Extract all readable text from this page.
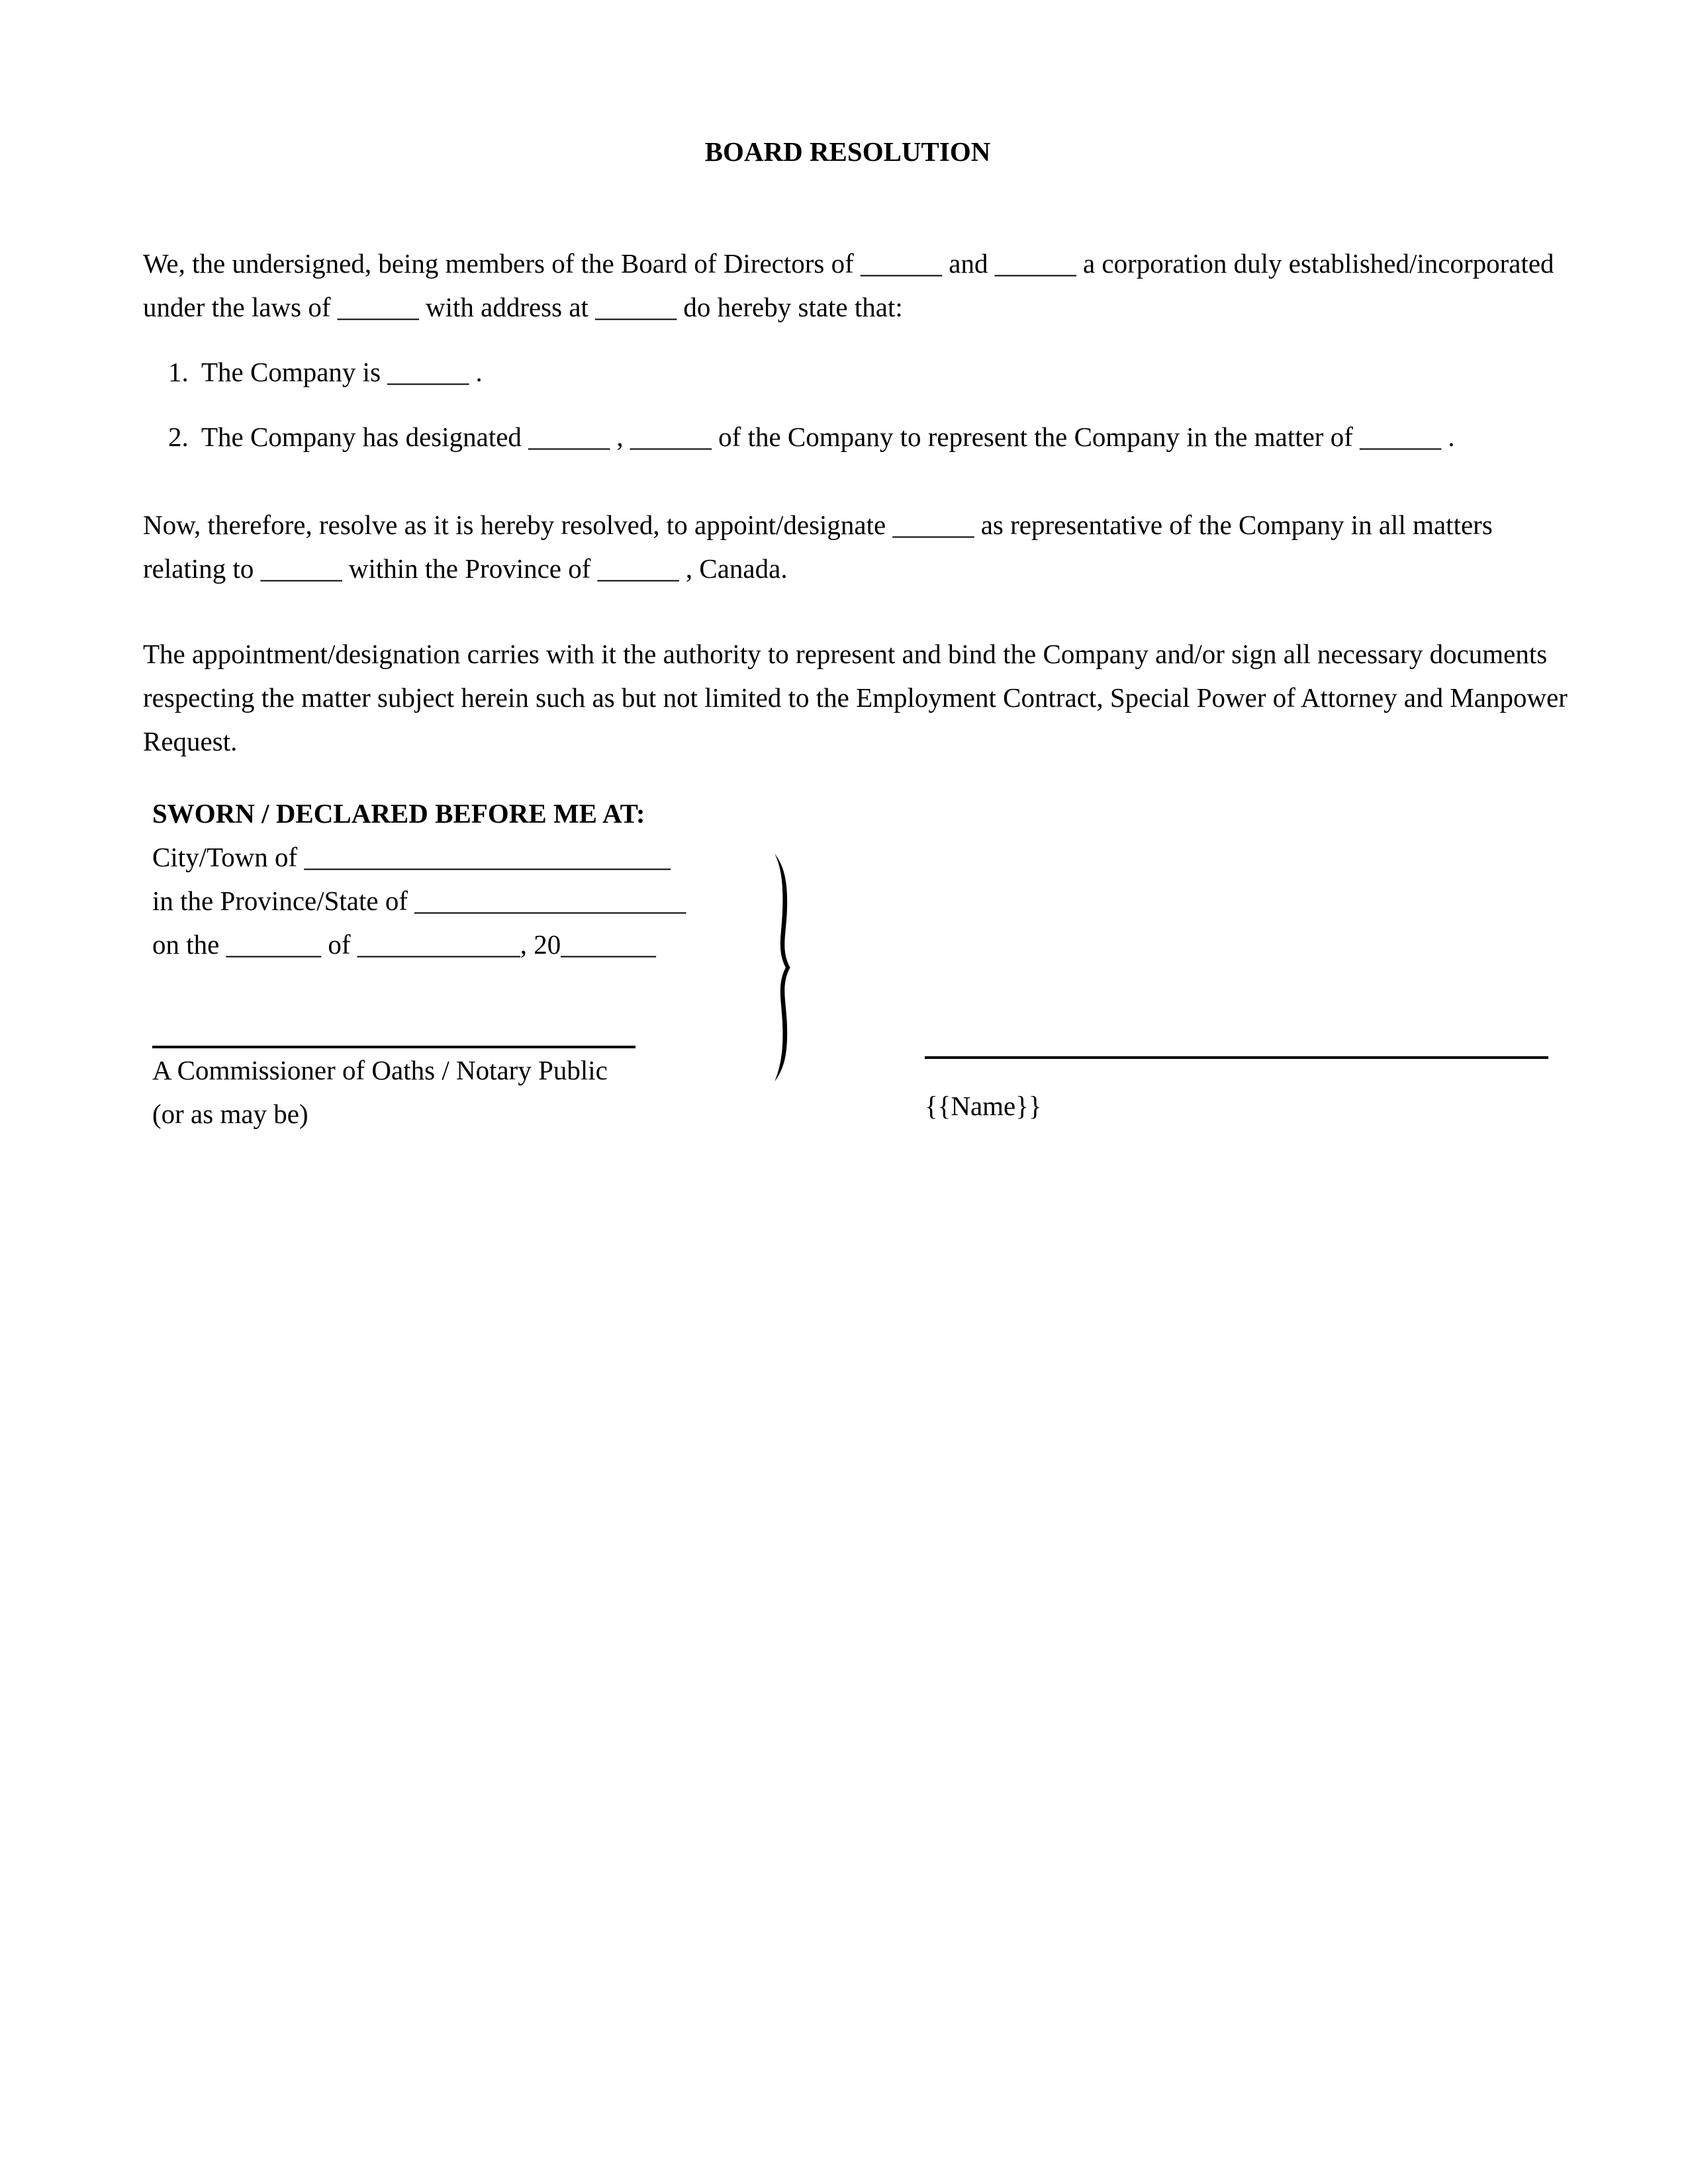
BOARD RESOLUTION
We, the undersigned, being members of the Board of Directors of ______ and ______ a corporation duly established/incorporated
under the laws of ______ with address at ______ do hereby state that:
1. The Company is ______ .
2. The Company has designated ______ , ______ of the Company to represent the Company in the matter of ______ .
Now, therefore, resolve as it is hereby resolved, to appoint/designate ______ as representative of the Company in all matters
relating to ______ within the Province of ______ , Canada.
The appointment/designation carries with it the authority to represent and bind the Company and/or sign all necessary documents
respecting the matter subject herein such as but not limited to the Employment Contract, Special Power of Attorney and Manpower
Request.
SWORN / DECLARED BEFORE ME AT:
City/Town of ___________________________
in the Province/State of ____________________
on the _______ of ____________, 20_______
A Commissioner of Oaths / Notary Public
(or as may be)	{{Name}}
